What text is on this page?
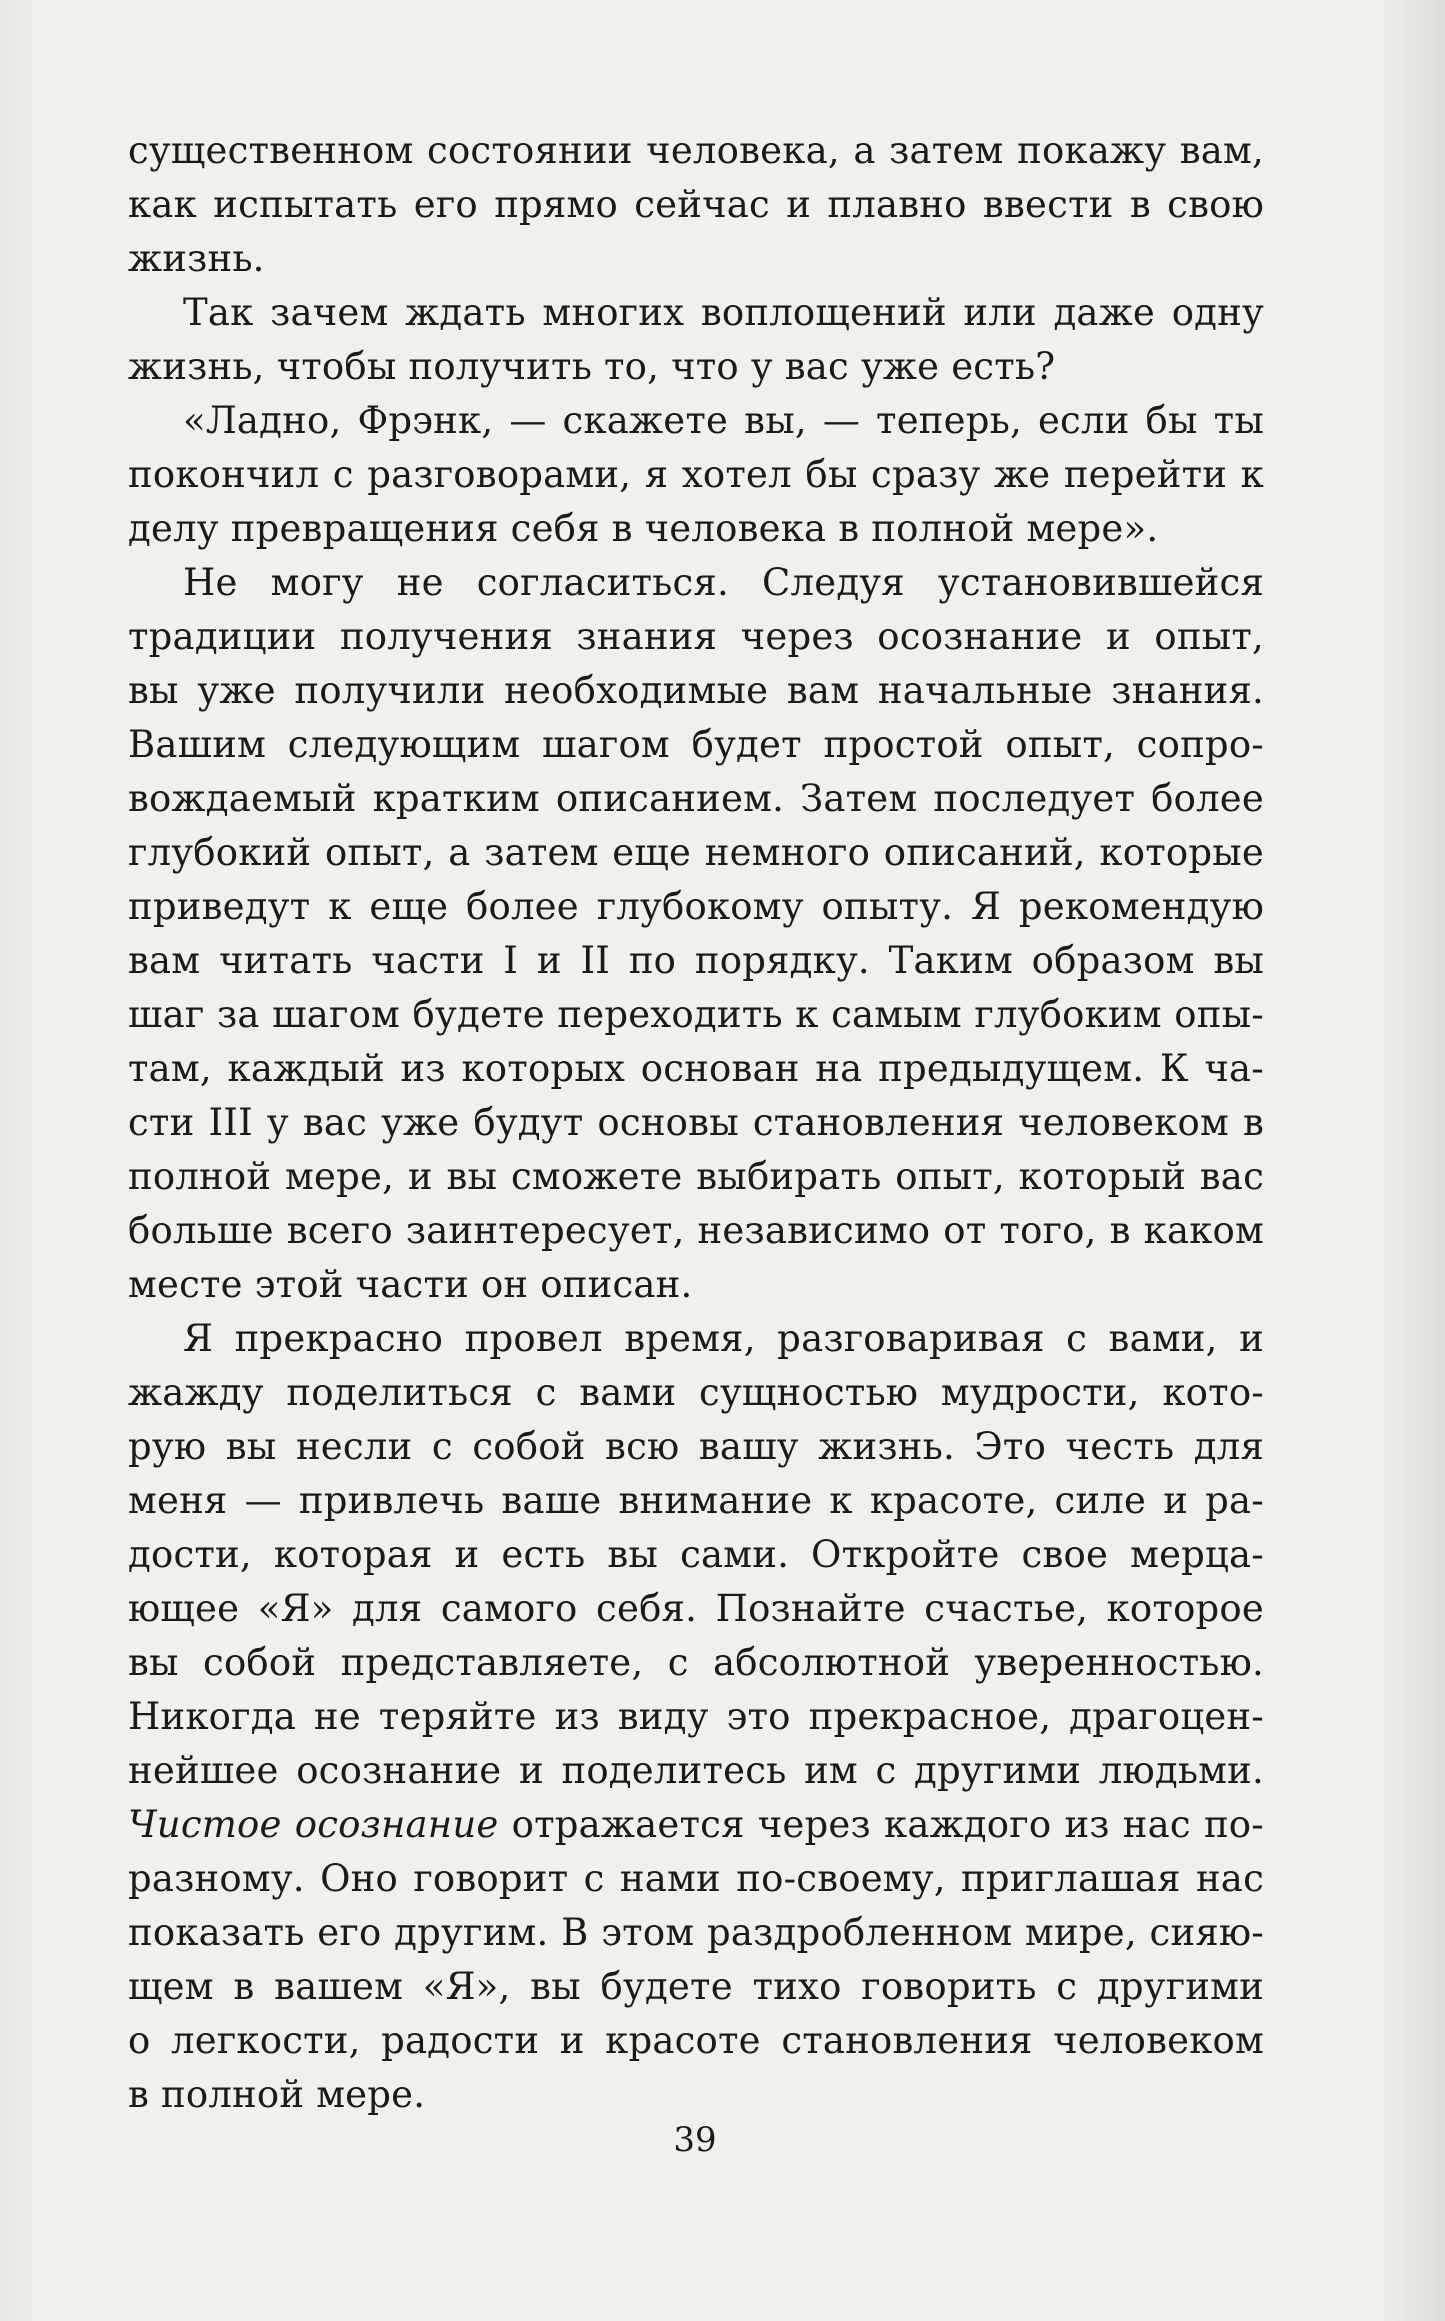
существенном состоянии человека, а затем покажу вам,
как испытать его прямо сейчас и плавно ввести в свою
жизнь.
Так зачем ждать многих воплощений или даже одну
жизнь, чтобы получить то, что у вас уже есть?
«Ладно, Фрэнк, — скажете вы, — теперь, если бы ты
покончил с разговорами, я хотел бы сразу же перейти к
делу превращения себя в человека в полной мере».
Не могу не согласиться. Следуя установившейся
традиции получения знания через осознание и опыт,
вы уже получили необходимые вам начальные знания.
Вашим следующим шагом будет простой опыт, сопро-
вождаемый кратким описанием. Затем последует более
глубокий опыт, а затем еще немного описаний, которые
приведут к еще более глубокому опыту. Я рекомендую
вам читать части I и II по порядку. Таким образом вы
шаг за шагом будете переходить к самым глубоким опы-
там, каждый из которых основан на предыдущем. К ча-
сти III у вас уже будут основы становления человеком в
полной мере, и вы сможете выбирать опыт, который вас
больше всего заинтересует, независимо от того, в каком
месте этой части он описан.
Я прекрасно провел время, разговаривая с вами, и
жажду поделиться с вами сущностью мудрости, кото-
рую вы несли с собой всю вашу жизнь. Это честь для
меня — привлечь ваше внимание к красоте, силе и ра-
дости, которая и есть вы сами. Откройте свое мерца-
ющее «Я» для самого себя. Познайте счастье, которое
вы собой представляете, с абсолютной уверенностью.
Никогда не теряйте из виду это прекрасное, драгоцен-
нейшее осознание и поделитесь им с другими людьми.
Чистое осознание отражается через каждого из нас по-
разному. Оно говорит с нами по-своему, приглашая нас
показать его другим. В этом раздробленном мире, сияю-
щем в вашем «Я», вы будете тихо говорить с другими
о легкости, радости и красоте становления человеком
в полной мере.
39
